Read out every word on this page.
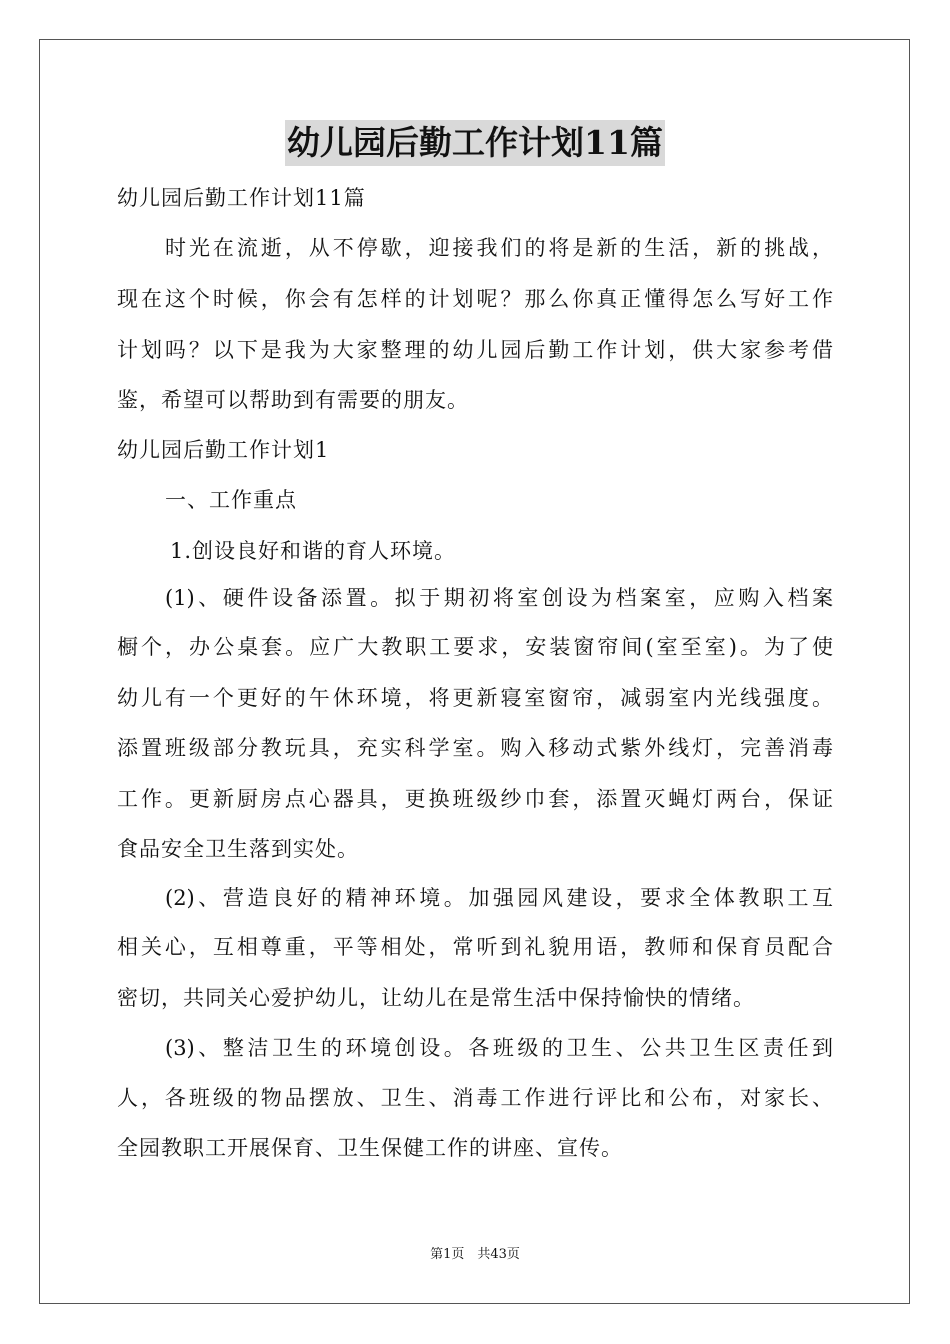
幼儿园后勤工作计划11篇
幼儿园后勤工作计划11篇
时光在流逝，从不停歇，迎接我们的将是新的生活，新的挑战，
现在这个时候，你会有怎样的计划呢？那么你真正懂得怎么写好工作
计划吗？以下是我为大家整理的幼儿园后勤工作计划，供大家参考借
鉴，希望可以帮助到有需要的朋友。
幼儿园后勤工作计划1
一、工作重点
1.创设良好和谐的育人环境。
(1)、硬件设备添置。拟于期初将室创设为档案室，应购入档案
橱个，办公桌套。应广大教职工要求，安装窗帘间(室至室)。为了使
幼儿有一个更好的午休环境，将更新寝室窗帘，减弱室内光线强度。
添置班级部分教玩具，充实科学室。购入移动式紫外线灯，完善消毒
工作。更新厨房点心器具，更换班级纱巾套，添置灭蝇灯两台，保证
食品安全卫生落到实处。
(2)、营造良好的精神环境。加强园风建设，要求全体教职工互
相关心，互相尊重，平等相处，常听到礼貌用语，教师和保育员配合
密切，共同关心爱护幼儿，让幼儿在是常生活中保持愉快的情绪。
(3)、整洁卫生的环境创设。各班级的卫生、公共卫生区责任到
人，各班级的物品摆放、卫生、消毒工作进行评比和公布，对家长、
全园教职工开展保育、卫生保健工作的讲座、宣传。
第1页　共43页
